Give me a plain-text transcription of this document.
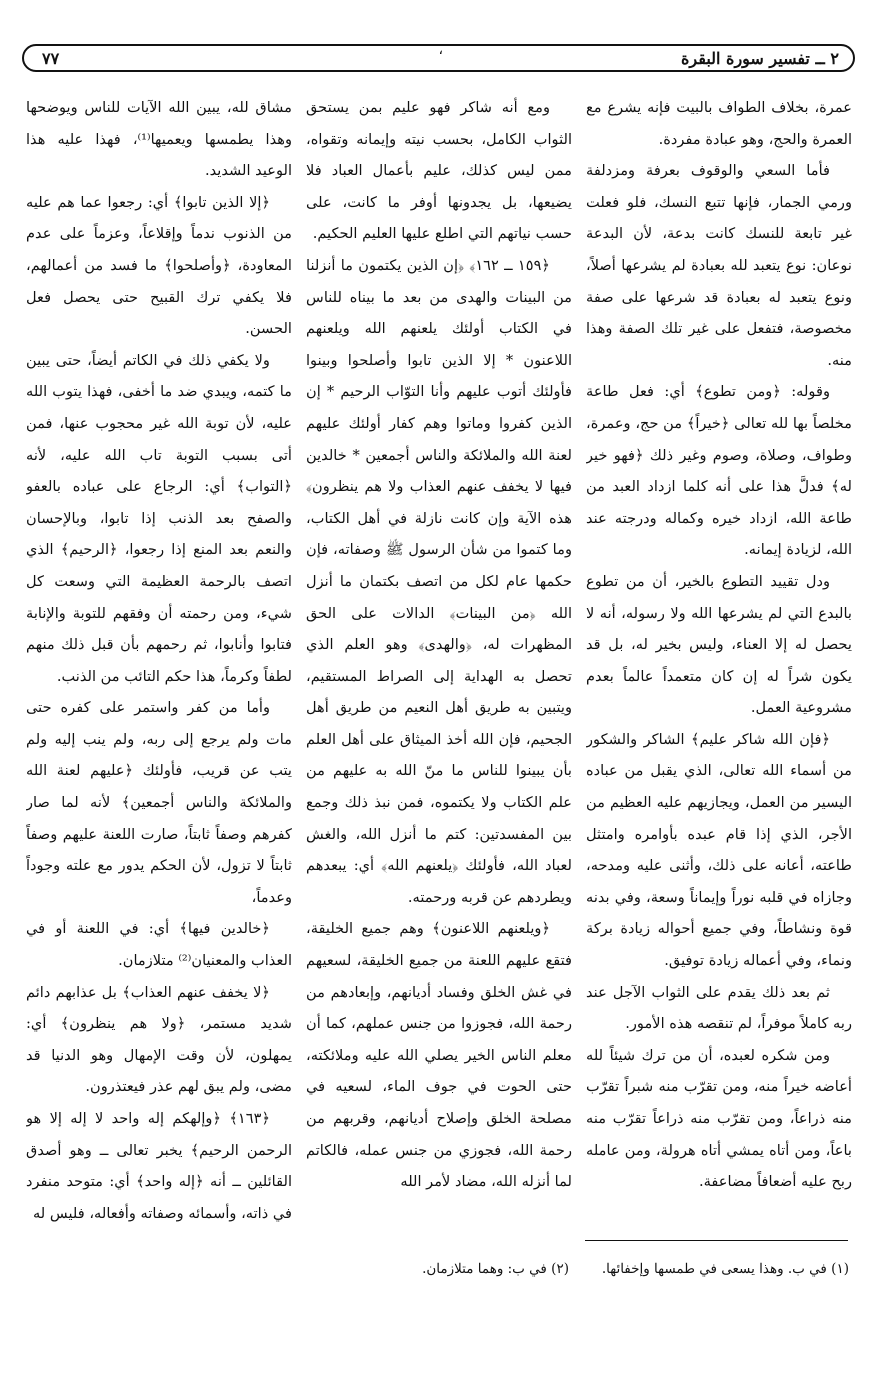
٢ ــ تفسير سورة البقرة
،
٧٧

عمرة، بخلاف الطواف بالبيت فإنه يشرع مع العمرة والحج، وهو عبادة مفردة.

فأما السعي والوقوف بعرفة ومزدلفة ورمي الجمار، فإنها تتبع النسك، فلو فعلت غير تابعة للنسك كانت بدعة، لأن البدعة نوعان: نوع يتعبد لله بعبادة لم يشرعها أصلاً، ونوع يتعبد له بعبادة قد شرعها على صفة مخصوصة، فتفعل على غير تلك الصفة وهذا منه.

وقوله: ﴿ومن تطوع﴾ أي: فعل طاعة مخلصاً بها لله تعالى ﴿خيراً﴾ من حج، وعمرة، وطواف، وصلاة، وصوم وغير ذلك ﴿فهو خير له﴾ فدلَّ هذا على أنه كلما ازداد العبد من طاعة الله، ازداد خيره وكماله ودرجته عند الله، لزيادة إيمانه.

ودل تقييد التطوع بالخير، أن من تطوع بالبدع التي لم يشرعها الله ولا رسوله، أنه لا يحصل له إلا العناء، وليس بخير له، بل قد يكون شراً له إن كان متعمداً عالماً بعدم مشروعية العمل.

﴿فإن الله شاكر عليم﴾ الشاكر والشكور من أسماء الله تعالى، الذي يقبل من عباده اليسير من العمل، ويجازيهم عليه العظيم من الأجر، الذي إذا قام عبده بأوامره وامتثل طاعته، أعانه على ذلك، وأثنى عليه ومدحه، وجازاه في قلبه نوراً وإيماناً وسعة، وفي بدنه قوة ونشاطاً، وفي جميع أحواله زيادة بركة ونماء، وفي أعماله زيادة توفيق.

ثم بعد ذلك يقدم على الثواب الآجل عند ربه كاملاً موفراً، لم تنقصه هذه الأمور.

ومن شكره لعبده، أن من ترك شيئاً لله أعاضه خيراً منه، ومن تقرّب منه شبراً تقرّب منه ذراعاً، ومن تقرّب منه ذراعاً تقرّب منه باعاً، ومن أتاه يمشي أتاه هرولة، ومن عامله ربح عليه أضعافاً مضاعفة.

ومع أنه شاكر فهو عليم بمن يستحق الثواب الكامل، بحسب نيته وإيمانه وتقواه، ممن ليس كذلك، عليم بأعمال العباد فلا يضيعها، بل يجدونها أوفر ما كانت، على حسب نياتهم التي اطلع عليها العليم الحكيم.

﴿١٥٩ ــ ١٦٢﴾ ﴿إن الذين يكتمون ما أنزلنا من البينات والهدى من بعد ما بيناه للناس في الكتاب أولئك يلعنهم الله ويلعنهم اللاعنون * إلا الذين تابوا وأصلحوا وبينوا فأولئك أتوب عليهم وأنا التوّاب الرحيم * إن الذين كفروا وماتوا وهم كفار أولئك عليهم لعنة الله والملائكة والناس أجمعين * خالدين فيها لا يخفف عنهم العذاب ولا هم ينظرون﴾ هذه الآية وإن كانت نازلة في أهل الكتاب، وما كتموا من شأن الرسول ﷺ وصفاته، فإن حكمها عام لكل من اتصف بكتمان ما أنزل الله ﴿من البينات﴾ الدالات على الحق المظهرات له، ﴿والهدى﴾ وهو العلم الذي تحصل به الهداية إلى الصراط المستقيم، ويتبين به طريق أهل النعيم من طريق أهل الجحيم، فإن الله أخذ الميثاق على أهل العلم بأن يبينوا للناس ما منّ الله به عليهم من علم الكتاب ولا يكتموه، فمن نبذ ذلك وجمع بين المفسدتين: كتم ما أنزل الله، والغش لعباد الله، فأولئك ﴿يلعنهم الله﴾ أي: يبعدهم ويطردهم عن قربه ورحمته.

﴿ويلعنهم اللاعنون﴾ وهم جميع الخليقة، فتقع عليهم اللعنة من جميع الخليقة، لسعيهم في غش الخلق وفساد أديانهم، وإبعادهم من رحمة الله، فجوزوا من جنس عملهم، كما أن معلم الناس الخير يصلي الله عليه وملائكته، حتى الحوت في جوف الماء، لسعيه في مصلحة الخلق وإصلاح أديانهم، وقربهم من رحمة الله، فجوزي من جنس عمله، فالكاتم لما أنزله الله، مضاد لأمر الله

مشاق لله، يبين الله الآيات للناس ويوضحها وهذا يطمسها ويعميها⁽¹⁾، فهذا عليه هذا الوعيد الشديد.

﴿إلا الذين تابوا﴾ أي: رجعوا عما هم عليه من الذنوب ندماً وإقلاعاً، وعزماً على عدم المعاودة، ﴿وأصلحوا﴾ ما فسد من أعمالهم، فلا يكفي ترك القبيح حتى يحصل فعل الحسن.

ولا يكفي ذلك في الكاتم أيضاً، حتى يبين ما كتمه، ويبدي ضد ما أخفى، فهذا يتوب الله عليه، لأن توبة الله غير محجوب عنها، فمن أتى بسبب التوبة تاب الله عليه، لأنه ﴿التواب﴾ أي: الرجاع على عباده بالعفو والصفح بعد الذنب إذا تابوا، وبالإحسان والنعم بعد المنع إذا رجعوا، ﴿الرحيم﴾ الذي اتصف بالرحمة العظيمة التي وسعت كل شيء، ومن رحمته أن وفقهم للتوبة والإنابة فتابوا وأنابوا، ثم رحمهم بأن قبل ذلك منهم لطفاً وكرماً، هذا حكم التائب من الذنب.

وأما من كفر واستمر على كفره حتى مات ولم يرجع إلى ربه، ولم ينب إليه ولم يتب عن قريب، فأولئك ﴿عليهم لعنة الله والملائكة والناس أجمعين﴾ لأنه لما صار كفرهم وصفاً ثابتاً، صارت اللعنة عليهم وصفاً ثابتاً لا تزول، لأن الحكم يدور مع علته وجوداً وعدماً،

﴿خالدين فيها﴾ أي: في اللعنة أو في العذاب والمعنيان⁽²⁾ متلازمان.

﴿لا يخفف عنهم العذاب﴾ بل عذابهم دائم شديد مستمر، ﴿ولا هم ينظرون﴾ أي: يمهلون، لأن وقت الإمهال وهو الدنيا قد مضى، ولم يبق لهم عذر فيعتذرون.

﴿١٦٣﴾ ﴿وإلهكم إله واحد لا إله إلا هو الرحمن الرحيم﴾ يخبر تعالى ــ وهو أصدق القائلين ــ أنه ﴿إله واحد﴾ أي: متوحد منفرد في ذاته، وأسمائه وصفاته وأفعاله، فليس له

(١) في ب. وهذا يسعى في طمسها وإخفائها.
(٢) في ب: وهما متلازمان.
